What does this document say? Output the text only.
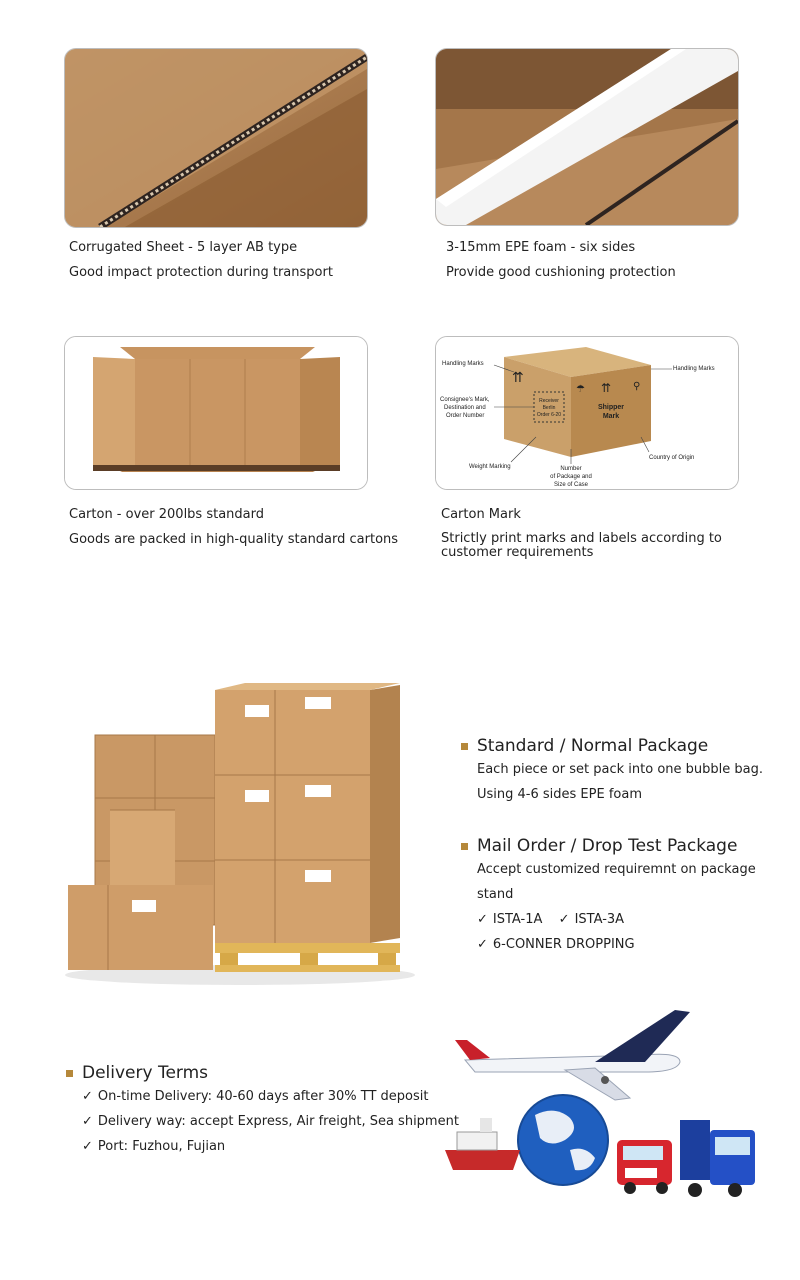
Corrugated Sheet - 5 layer AB type
Good impact protection during transport
3-15mm EPE foam - six sides
Provide good cushioning protection
Carton - over 200lbs standard
Goods are packed in high-quality standard cartons
⇈
☂ ⇈ ⚲
Receiver
Berlin
Order 6-20
Shipper
Mark
Handling Marks
Handling Marks
Consignee's Mark,
Destination and
Order Number
Weight Marking	Number
of Package and
Size of Case
Country of Origin
Carton Mark
Strictly print marks and labels according to customer requirements
Standard / Normal Package
Each piece or set pack into one bubble bag.
Using 4-6 sides EPE foam
Mail Order / Drop Test Package
Accept customized requiremnt on package
stand
✓ ISTA-1A ✓ ISTA-3A
✓ 6-CONNER DROPPING
Delivery Terms
✓ On-time Delivery: 40-60 days after 30% TT deposit
✓ Delivery way: accept Express, Air freight, Sea shipment
✓ Port: Fuzhou, Fujian
